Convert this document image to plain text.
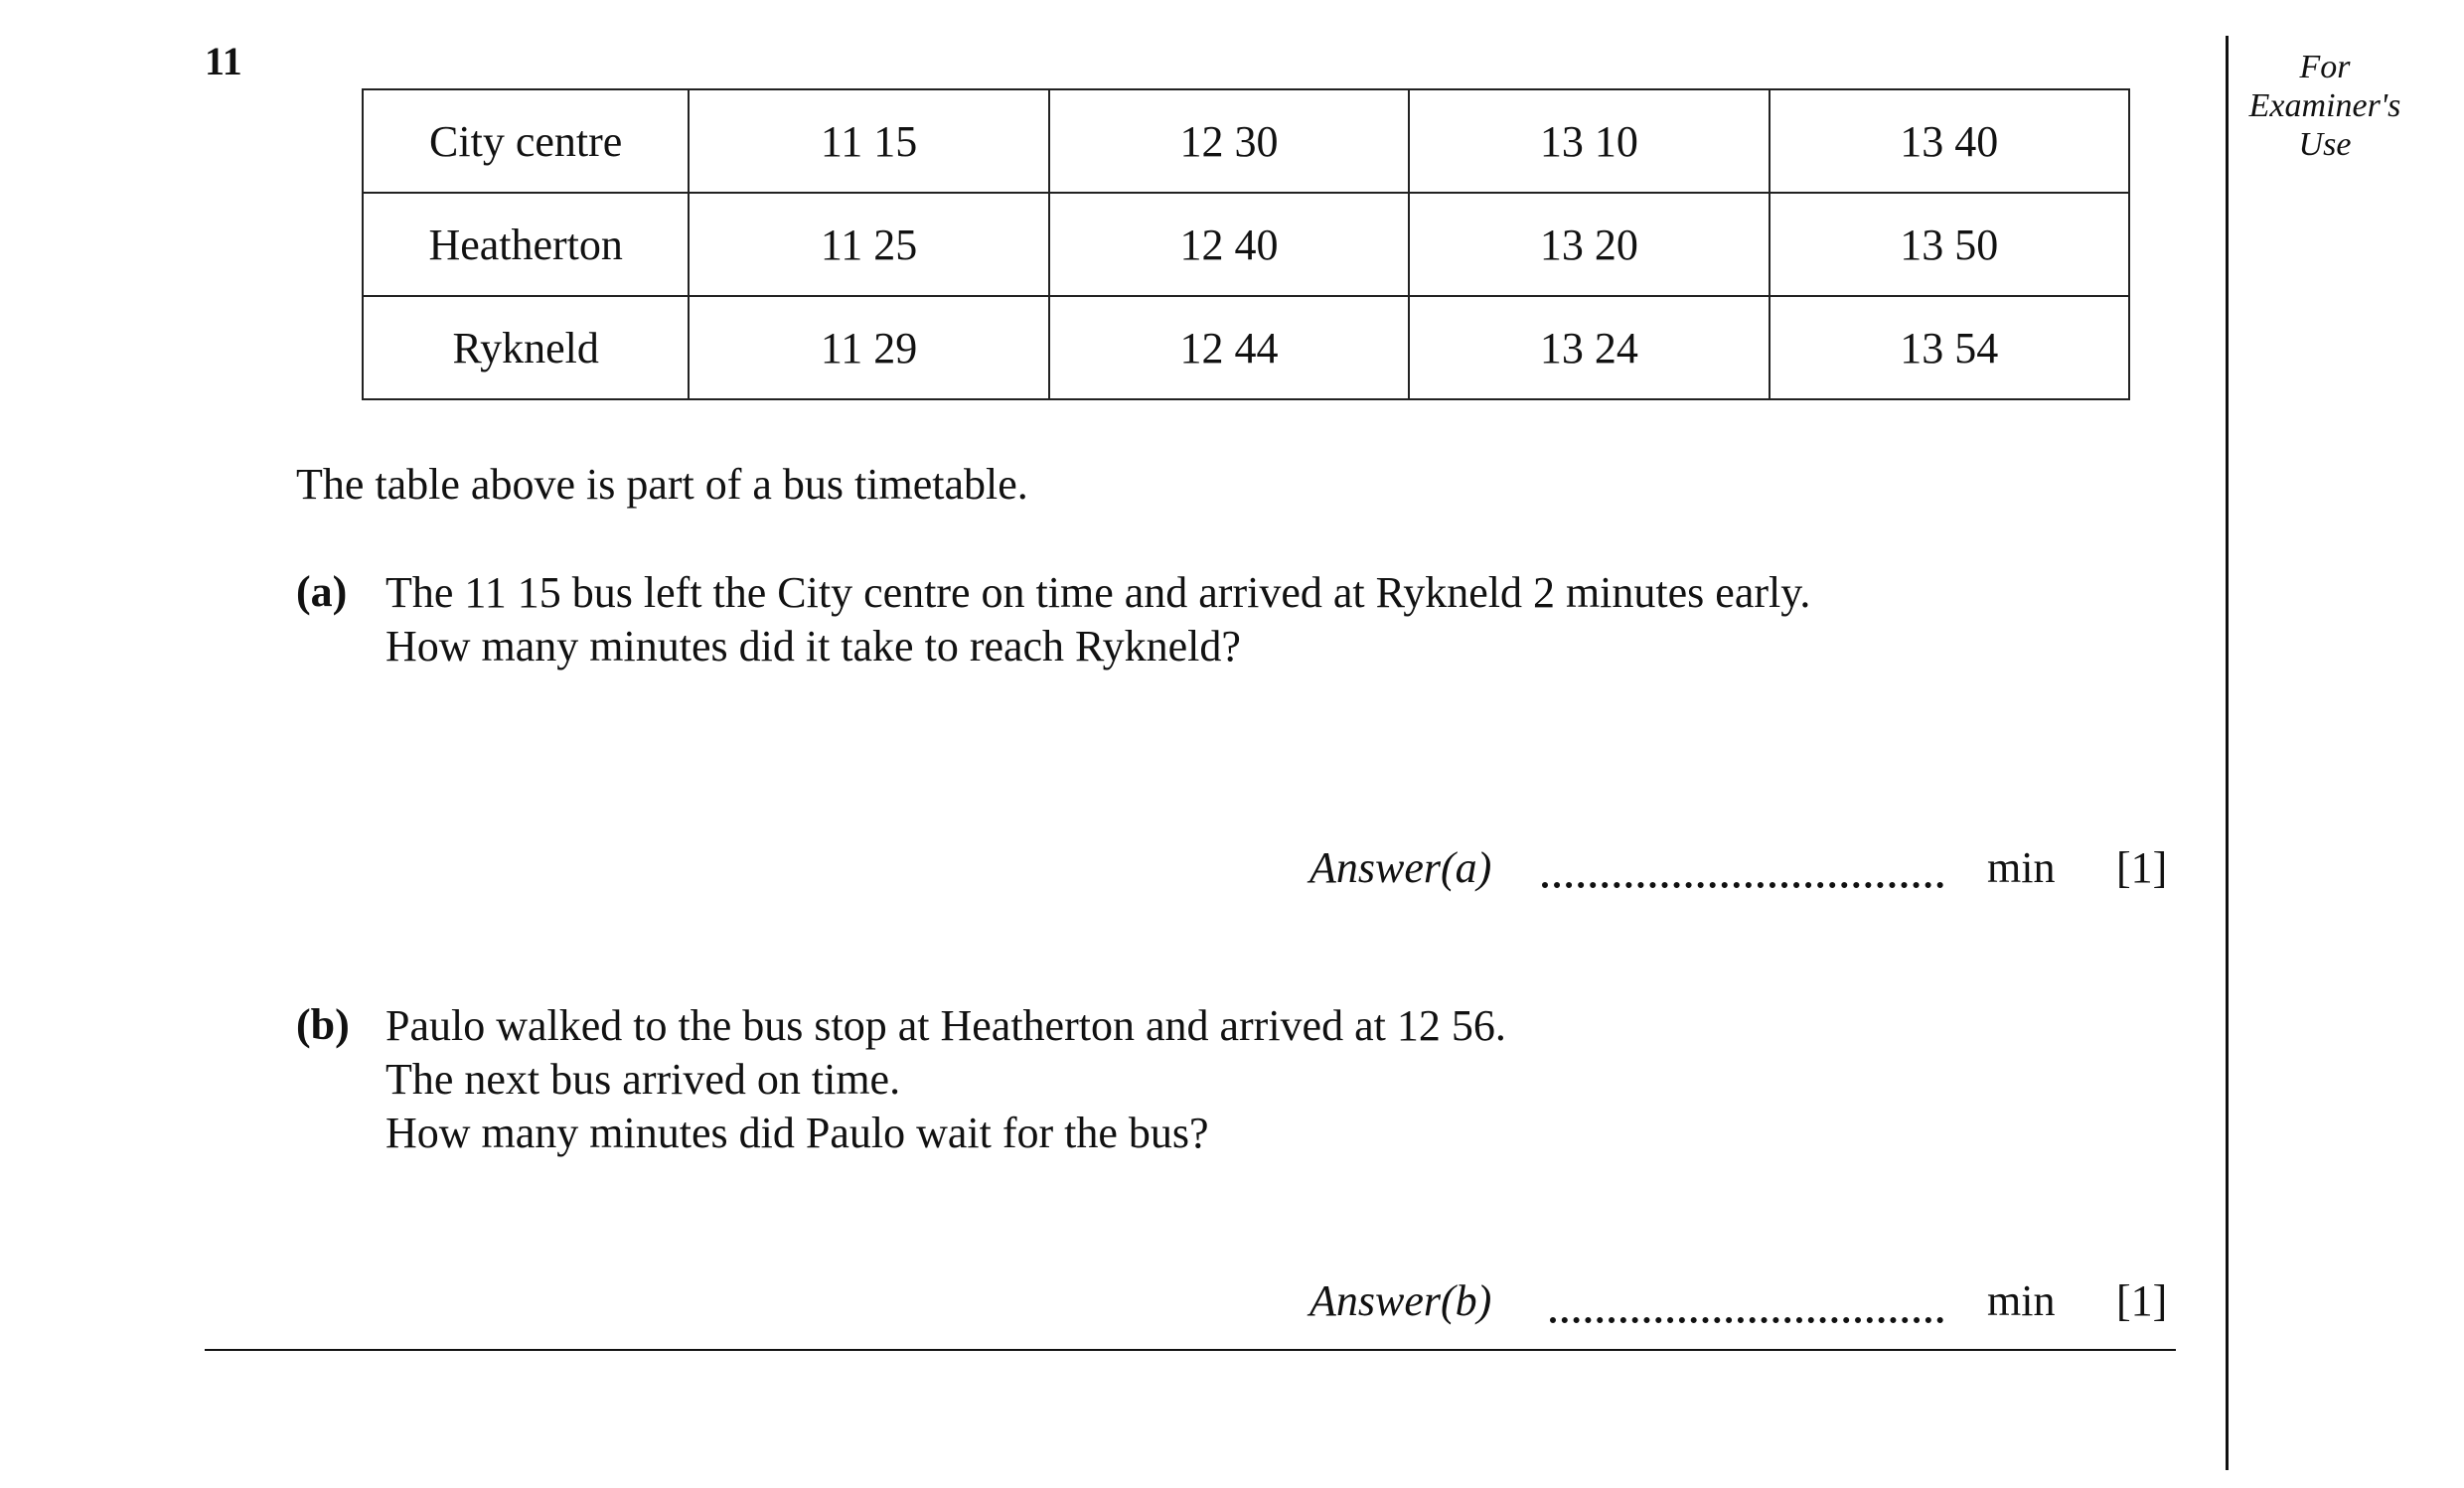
11
City centre	11 15	12 30	13 10	13 40
Heatherton	11 25	12 40	13 20	13 50
Rykneld	11 29	12 44	13 24	13 54
The table above is part of a bus timetable.
(a) The 11 15 bus left the City centre on time and arrived at Rykneld 2 minutes early.
How many minutes did it take to reach Rykneld?
Answer(a)	min [1]
(b) Paulo walked to the bus stop at Heatherton and arrived at 12 56.
The next bus arrived on time.
How many minutes did Paulo wait for the bus?
Answer(b)	min [1]
For
Examiner's
Use
